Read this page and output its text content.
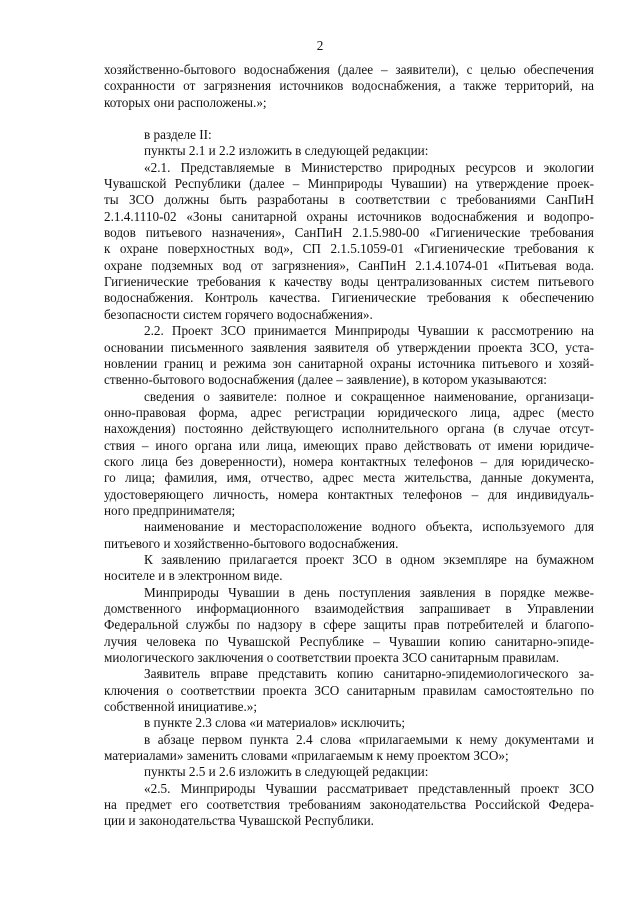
2
хозяйственно-бытового водоснабжения (далее – заявители), с целью обеспечения
сохранности от загрязнения источников водоснабжения, а также территорий, на
которых они расположены.»;
в разделе II:
пункты 2.1 и 2.2 изложить в следующей редакции:
«2.1. Представляемые в Министерство природных ресурсов и экологии
Чувашской Республики (далее – Минприроды Чувашии) на утверждение проек-
ты ЗСО должны быть разработаны в соответствии с требованиями СанПиН
2.1.4.1110-02 «Зоны санитарной охраны источников водоснабжения и водопро-
водов питьевого назначения», СанПиН 2.1.5.980-00 «Гигиенические требования
к охране поверхностных вод», СП 2.1.5.1059-01 «Гигиенические требования к
охране подземных вод от загрязнения», СанПиН 2.1.4.1074-01 «Питьевая вода.
Гигиенические требования к качеству воды централизованных систем питьевого
водоснабжения. Контроль качества. Гигиенические требования к обеспечению
безопасности систем горячего водоснабжения».
2.2. Проект ЗСО принимается Минприроды Чувашии к рассмотрению на
основании письменного заявления заявителя об утверждении проекта ЗСО, уста-
новлении границ и режима зон санитарной охраны источника питьевого и хозяй-
ственно-бытового водоснабжения (далее – заявление), в котором указываются:
сведения о заявителе: полное и сокращенное наименование, организаци-
онно-правовая форма, адрес регистрации юридического лица, адрес (место
нахождения) постоянно действующего исполнительного органа (в случае отсут-
ствия – иного органа или лица, имеющих право действовать от имени юридиче-
ского лица без доверенности), номера контактных телефонов – для юридическо-
го лица; фамилия, имя, отчество, адрес места жительства, данные документа,
удостоверяющего личность, номера контактных телефонов – для индивидуаль-
ного предпринимателя;
наименование и месторасположение водного объекта, используемого для
питьевого и хозяйственно-бытового водоснабжения.
К заявлению прилагается проект ЗСО в одном экземпляре на бумажном
носителе и в электронном виде.
Минприроды Чувашии в день поступления заявления в порядке межве-
домственного информационного взаимодействия запрашивает в Управлении
Федеральной службы по надзору в сфере защиты прав потребителей и благопо-
лучия человека по Чувашской Республике – Чувашии копию санитарно-эпиде-
миологического заключения о соответствии проекта ЗСО санитарным правилам.
Заявитель вправе представить копию санитарно-эпидемиологического за-
ключения о соответствии проекта ЗСО санитарным правилам самостоятельно по
собственной инициативе.»;
в пункте 2.3 слова «и материалов» исключить;
в абзаце первом пункта 2.4 слова «прилагаемыми к нему документами и
материалами» заменить словами «прилагаемым к нему проектом ЗСО»;
пункты 2.5 и 2.6 изложить в следующей редакции:
«2.5. Минприроды Чувашии рассматривает представленный проект ЗСО
на предмет его соответствия требованиям законодательства Российской Федера-
ции и законодательства Чувашской Республики.
